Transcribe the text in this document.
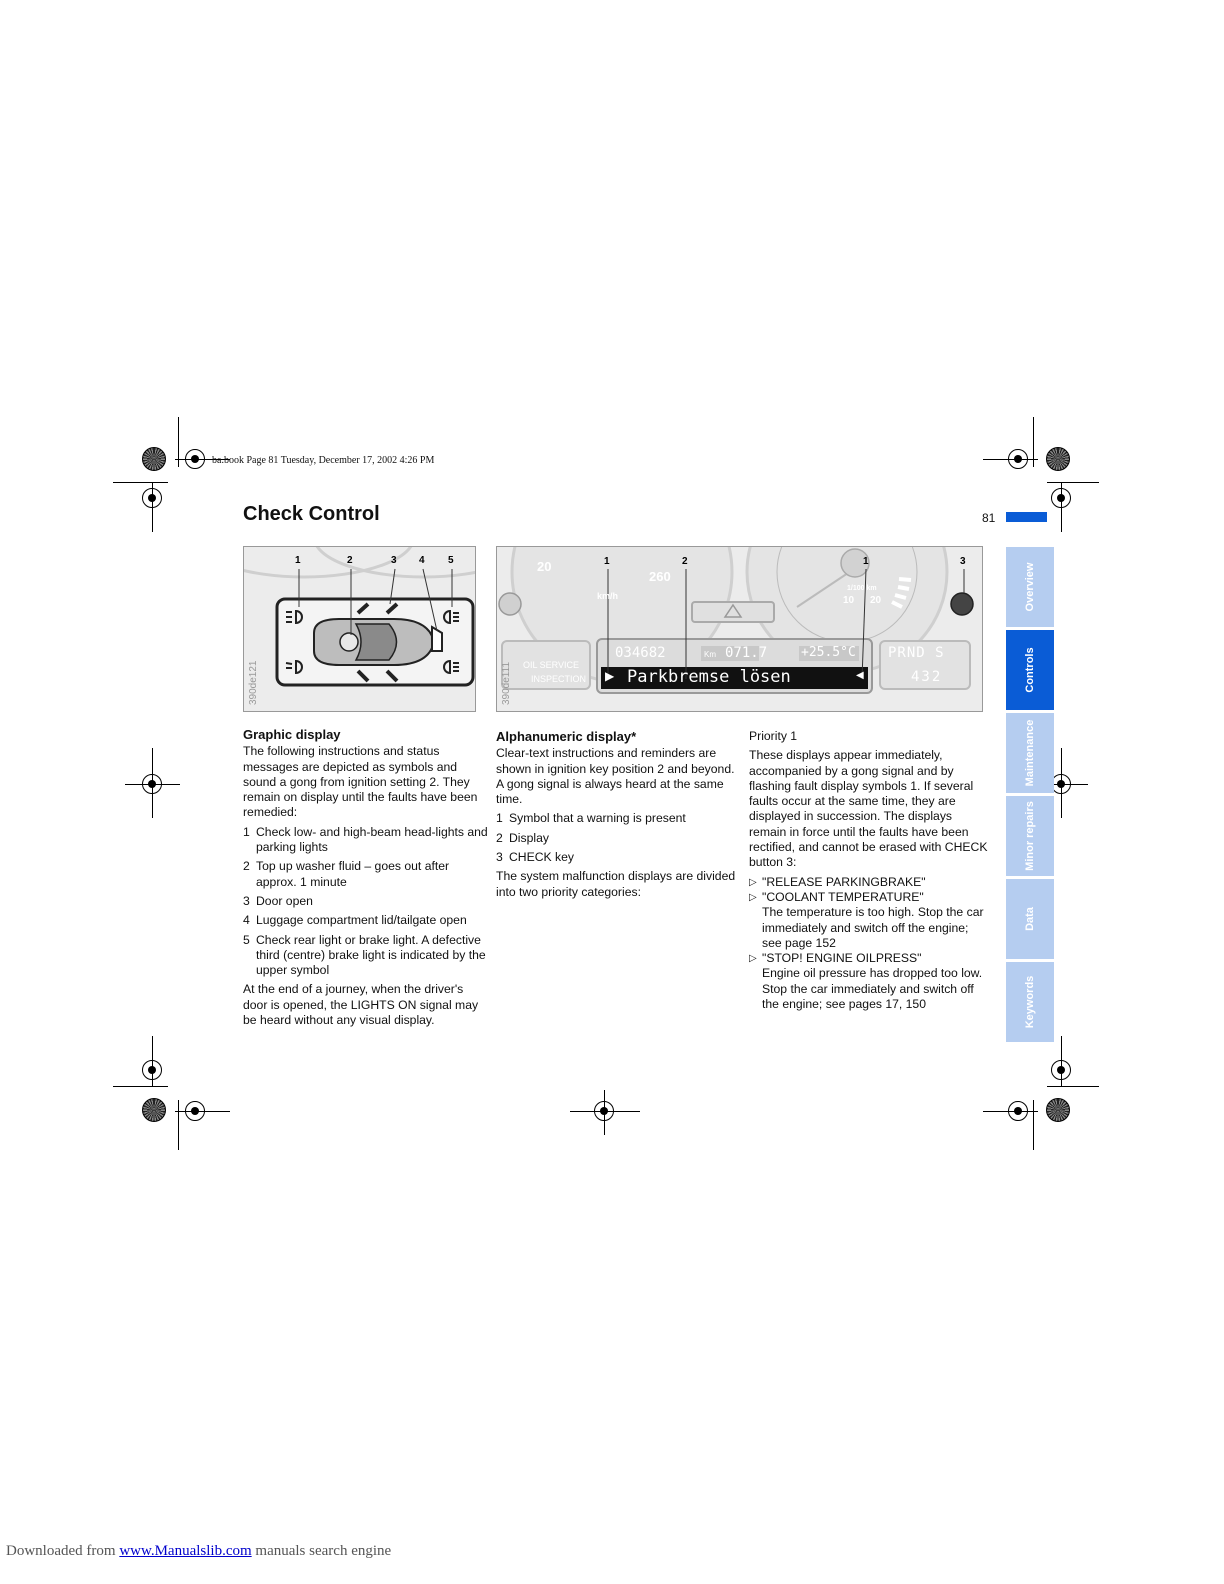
ba.book Page 81 Tuesday, December 17, 2002 4:26 PM
Check Control	81
Overview
Controls
Maintenance
Minor repairs
Data
Keywords
1	2	3 4 5
390de121
20
260
km/h
1/100 km
10 20
OIL SERVICE
INSPECTION
034682	Km 071.7	+25.5°C
▶ Parkbremse lösen	◀
PRND S
432
1	2	1	3
390de111
Graphic display

The following instructions and status messages are depicted as symbols and sound a gong from ignition setting 2. They remain on display until the faults have been remedied:

1 Check low- and high-beam head-lights and parking lights
2 Top up washer fluid – goes out after approx. 1 minute
3 Door open
4 Luggage compartment lid/tailgate open
5 Check rear light or brake light. A defective third (centre) brake light is indicated by the upper symbol

At the end of a journey, when the driver's door is opened, the LIGHTS ON signal may be heard without any visual display.

Alphanumeric display*

Clear-text instructions and reminders are shown in ignition key position 2 and beyond. A gong signal is always heard at the same time.

1 Symbol that a warning is present
2 Display
3 CHECK key

The system malfunction displays are divided into two priority categories:

Priority 1

These displays appear immediately, accompanied by a gong signal and by flashing fault display symbols 1. If several faults occur at the same time, they are displayed in succession. The displays remain in force until the faults have been rectified, and cannot be erased with CHECK button 3:

▷ "RELEASE PARKINGBRAKE"
▷ "COOLANT TEMPERATURE"
The temperature is too high. Stop the car immediately and switch off the engine; see page 152
▷ "STOP! ENGINE OILPRESS"
Engine oil pressure has dropped too low. Stop the car immediately and switch off the engine; see pages 17, 150
Downloaded from www.Manualslib.com manuals search engine
